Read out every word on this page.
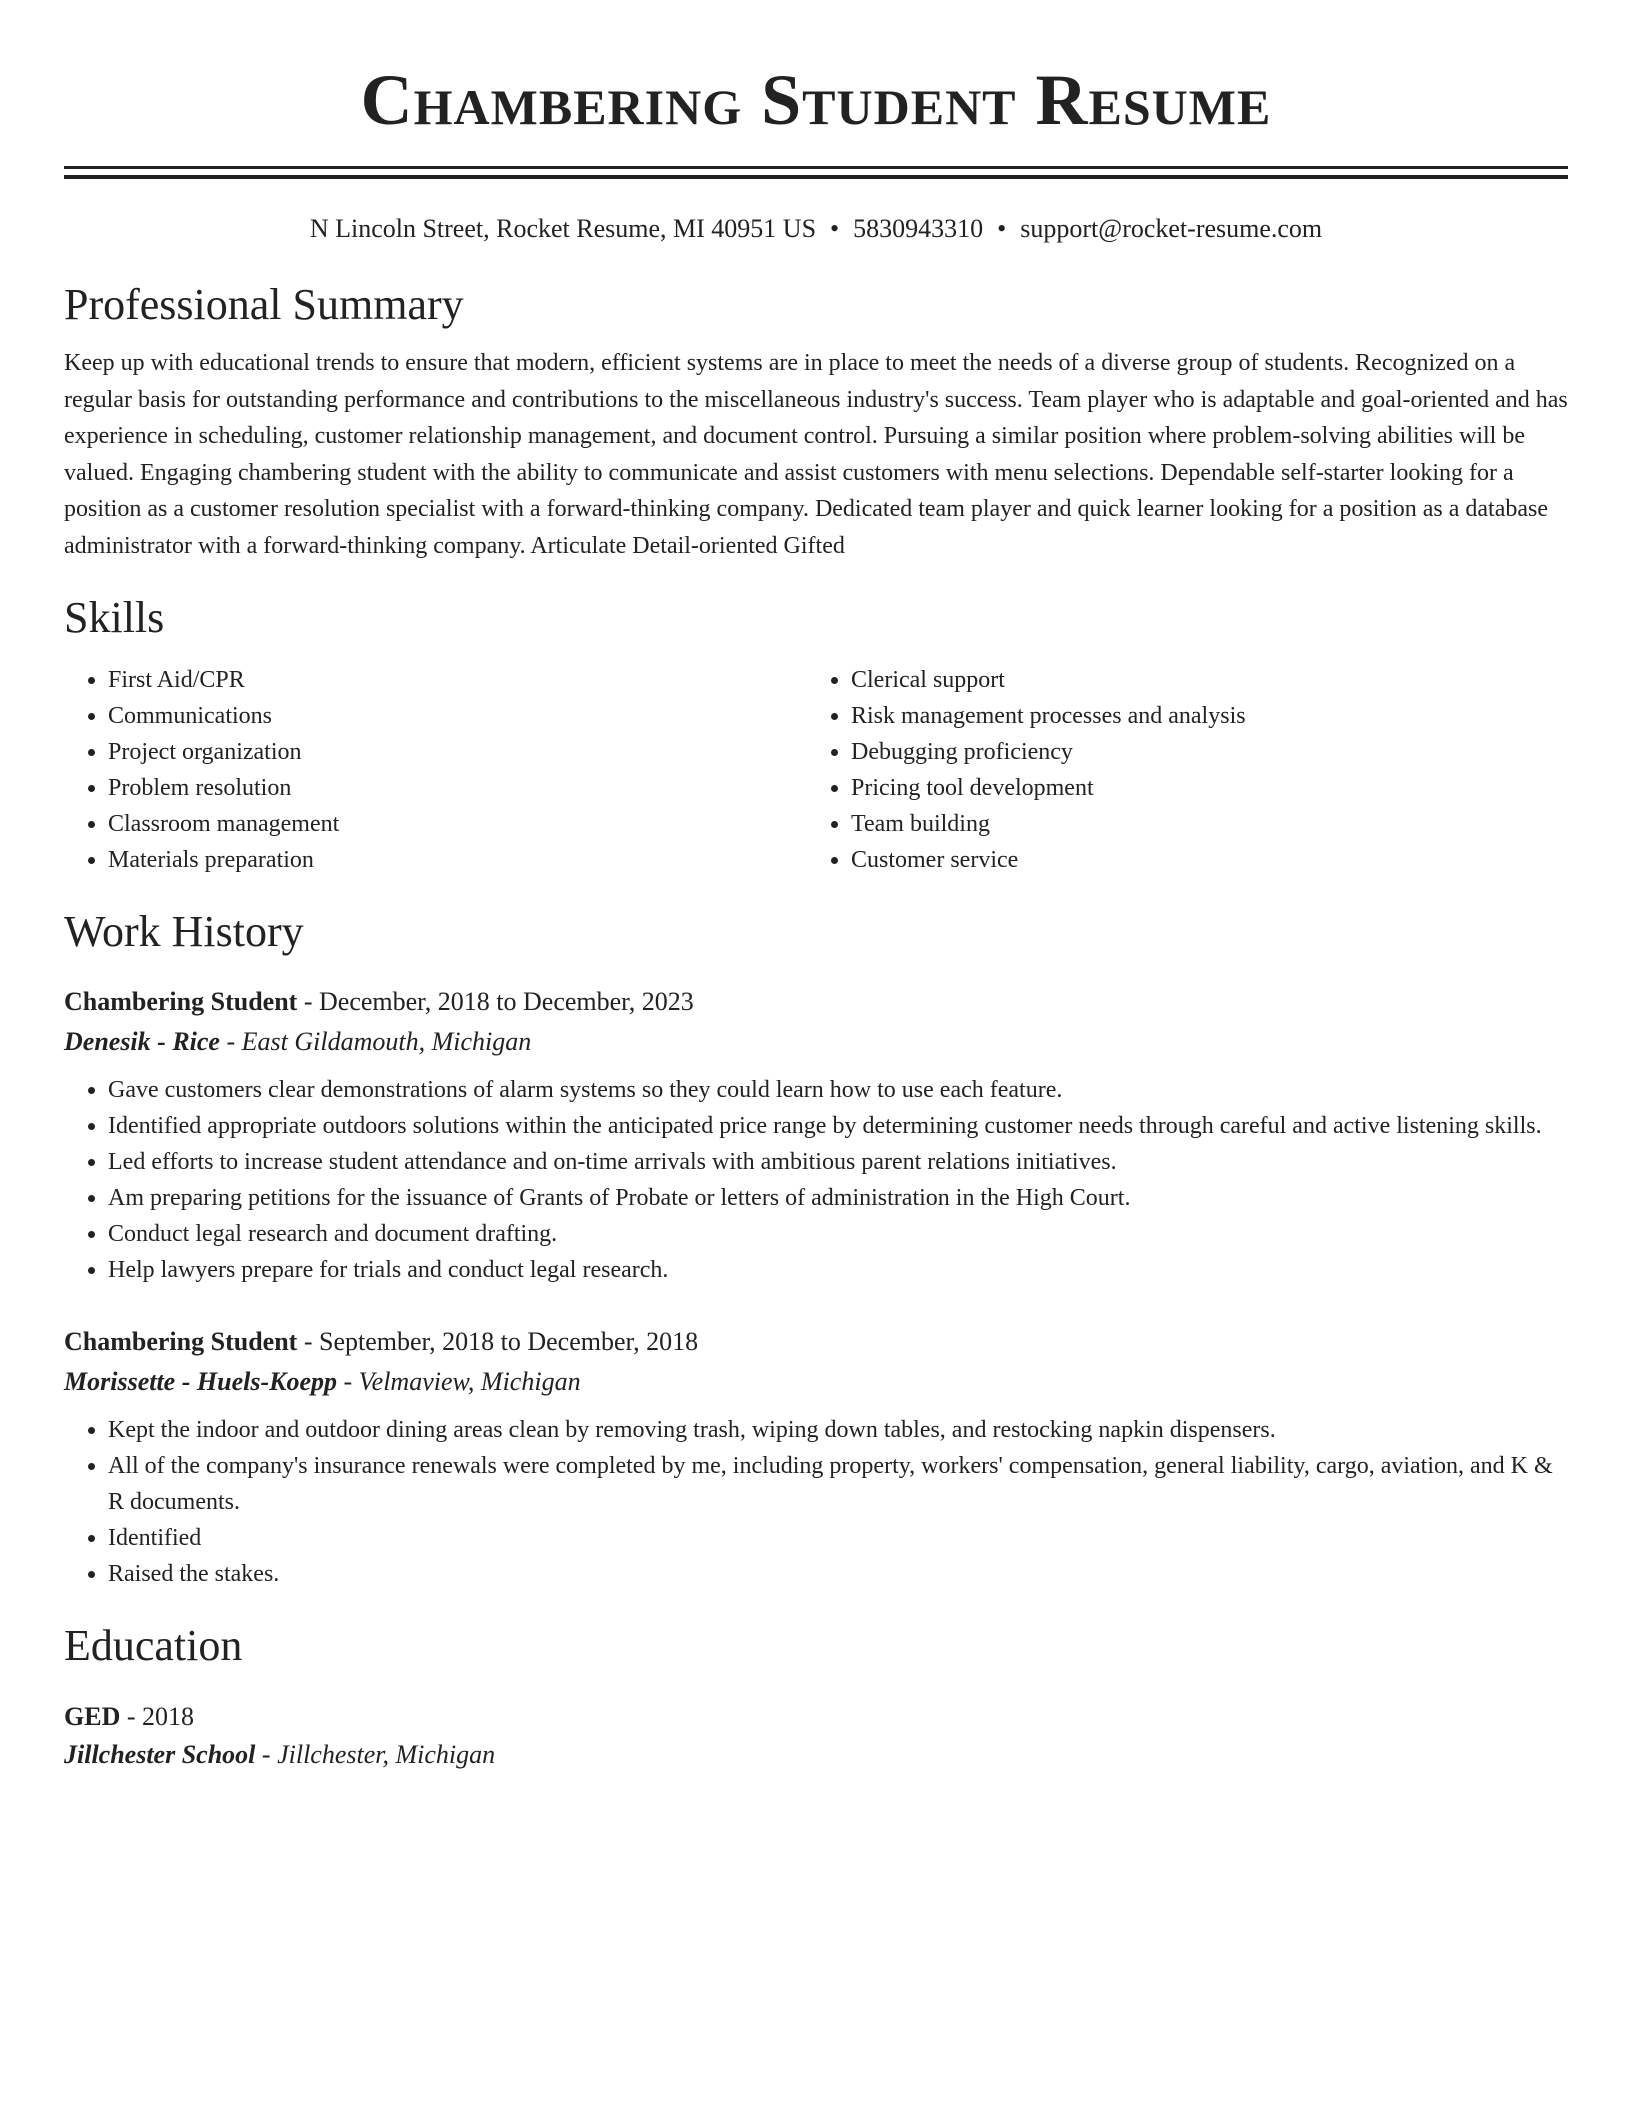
Chambering Student Resume
N Lincoln Street, Rocket Resume, MI 40951 US • 5830943310 • support@rocket-resume.com
Professional Summary

Keep up with educational trends to ensure that modern, efficient systems are in place to meet the needs of a diverse group of students. Recognized on a regular basis for outstanding performance and contributions to the miscellaneous industry's success. Team player who is adaptable and goal-oriented and has experience in scheduling, customer relationship management, and document control. Pursuing a similar position where problem-solving abilities will be valued. Engaging chambering student with the ability to communicate and assist customers with menu selections. Dependable self-starter looking for a position as a customer resolution specialist with a forward-thinking company. Dedicated team player and quick learner looking for a position as a database administrator with a forward-thinking company. Articulate Detail-oriented Gifted

Skills
• First Aid/CPR
• Communications
• Project organization
• Problem resolution
• Classroom management
• Materials preparation
• Clerical support
• Risk management processes and analysis
• Debugging proficiency
• Pricing tool development
• Team building
• Customer service
Work History
Chambering Student - December, 2018 to December, 2023
Denesik - Rice - East Gildamouth, Michigan
• Gave customers clear demonstrations of alarm systems so they could learn how to use each feature.
• Identified appropriate outdoors solutions within the anticipated price range by determining customer needs through careful and active listening skills.
• Led efforts to increase student attendance and on-time arrivals with ambitious parent relations initiatives.
• Am preparing petitions for the issuance of Grants of Probate or letters of administration in the High Court.
• Conduct legal research and document drafting.
• Help lawyers prepare for trials and conduct legal research.
Chambering Student - September, 2018 to December, 2018
Morissette - Huels-Koepp - Velmaview, Michigan
• Kept the indoor and outdoor dining areas clean by removing trash, wiping down tables, and restocking napkin dispensers.
• All of the company's insurance renewals were completed by me, including property, workers' compensation, general liability, cargo, aviation, and K & R documents.
• Identified
• Raised the stakes.
Education
GED - 2018
Jillchester School - Jillchester, Michigan
